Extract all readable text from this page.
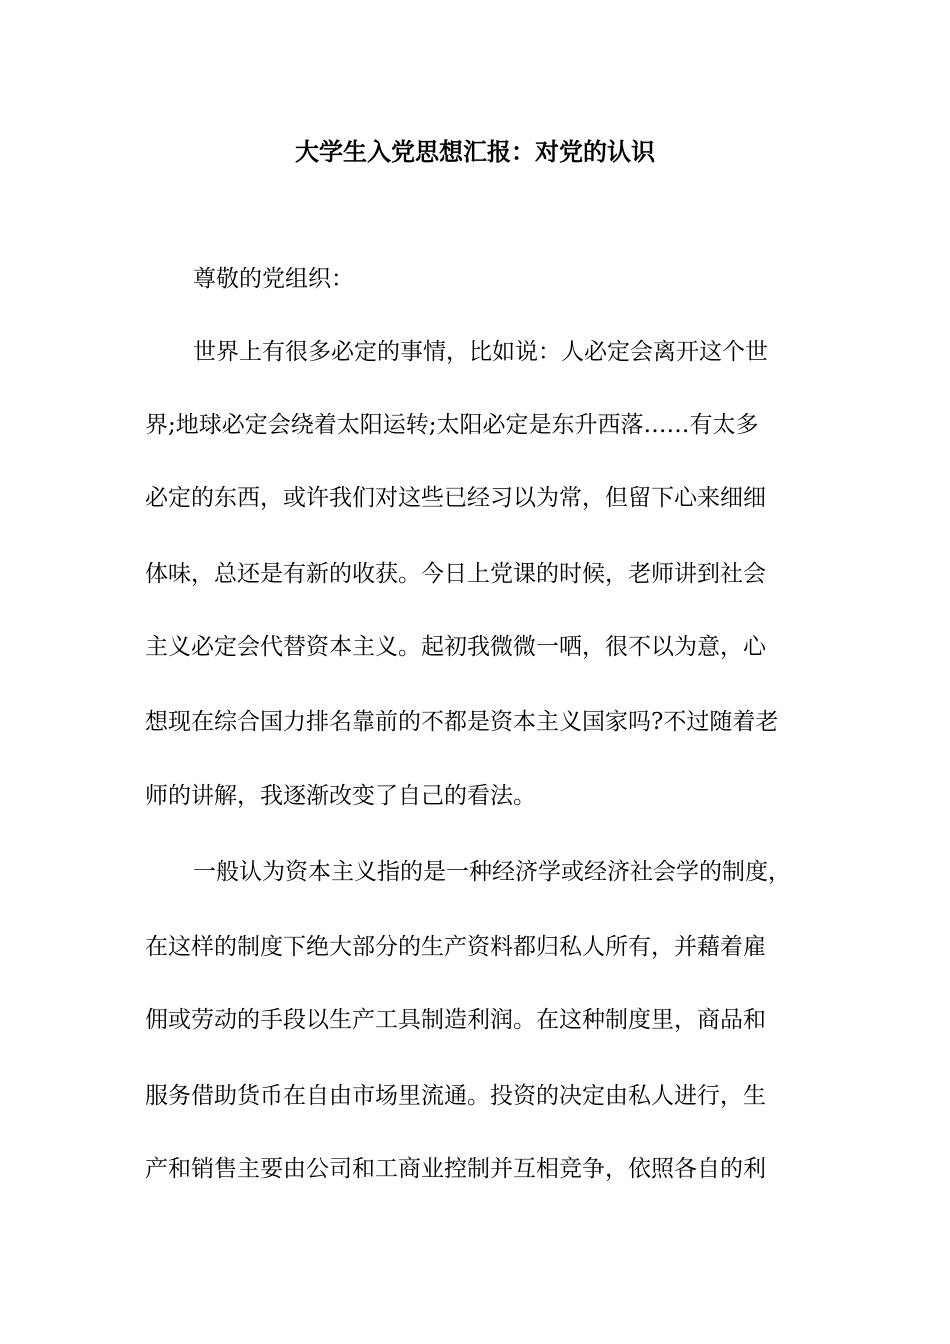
大学生入党思想汇报：对党的认识
尊敬的党组织：
世界上有很多必定的事情，比如说：人必定会离开这个世
界;地球必定会绕着太阳运转;太阳必定是东升西落……有太多
必定的东西，或许我们对这些已经习以为常，但留下心来细细
体味，总还是有新的收获。今日上党课的时候，老师讲到社会
主义必定会代替资本主义。起初我微微一哂，很不以为意，心
想现在综合国力排名靠前的不都是资本主义国家吗?不过随着老
师的讲解，我逐渐改变了自己的看法。
一般认为资本主义指的是一种经济学或经济社会学的制度，
在这样的制度下绝大部分的生产资料都归私人所有，并藉着雇
佣或劳动的手段以生产工具制造利润。在这种制度里，商品和
服务借助货币在自由市场里流通。投资的决定由私人进行，生
产和销售主要由公司和工商业控制并互相竞争，依照各自的利
